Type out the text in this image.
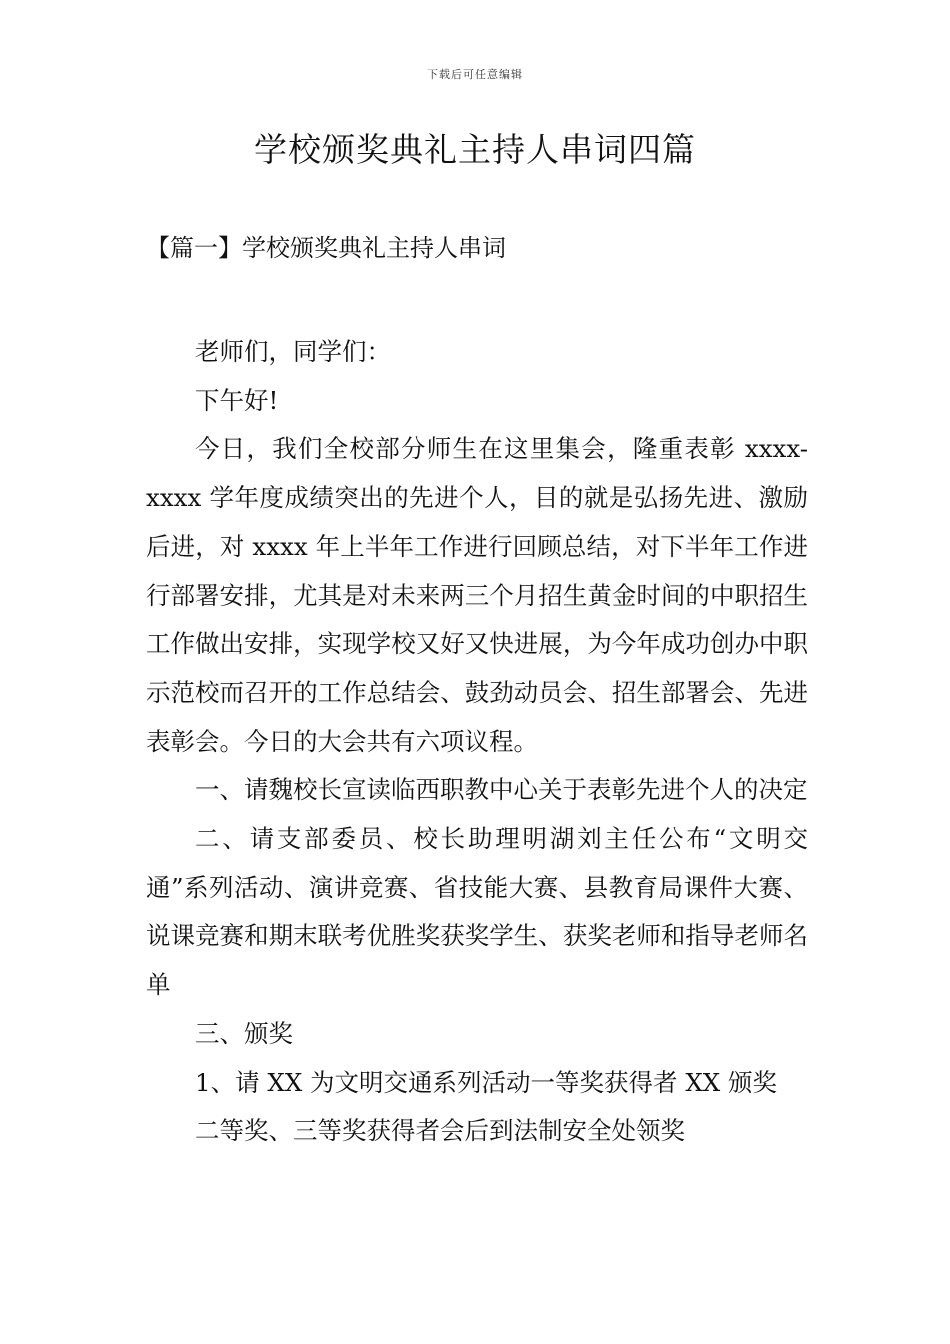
下载后可任意编辑
学校颁奖典礼主持人串词四篇
【篇一】学校颁奖典礼主持人串词

老师们，同学们：

下午好!

今日，我们全校部分师生在这里集会，隆重表彰 xxxx-xxxx 学年度成绩突出的先进个人，目的就是弘扬先进、激励后进，对 xxxx 年上半年工作进行回顾总结，对下半年工作进行部署安排，尤其是对未来两三个月招生黄金时间的中职招生工作做出安排，实现学校又好又快进展，为今年成功创办中职示范校而召开的工作总结会、鼓劲动员会、招生部署会、先进表彰会。今日的大会共有六项议程。

一、请魏校长宣读临西职教中心关于表彰先进个人的决定

二、请支部委员、校长助理明湖刘主任公布“文明交通”系列活动、演讲竞赛、省技能大赛、县教育局课件大赛、说课竞赛和期末联考优胜奖获奖学生、获奖老师和指导老师名单

三、颁奖

1、请 XX 为文明交通系列活动一等奖获得者 XX 颁奖

二等奖、三等奖获得者会后到法制安全处领奖
